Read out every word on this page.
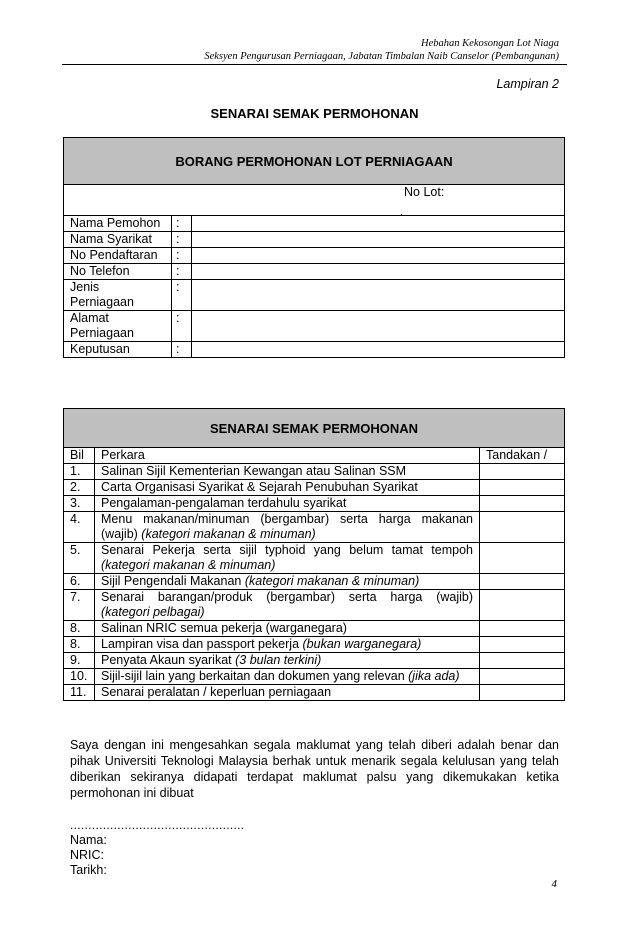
Hebahan Kekosongan Lot Niaga
Seksyen Pengurusan Perniagaan, Jabatan Timbalan Naib Canselor (Pembangunan)
Lampiran 2
SENARAI SEMAK PERMOHONAN
BORANG PERMOHONAN LOT PERNIAGAAN		

No Lot:		

Nama Pemohon	:	
Nama Syarikat	:	
No Pendaftaran	:	
No Telefon	:	
Jenis Perniagaan	:	
Alamat Perniagaan	:	
Keputusan	:	
SENARAI SEMAK PERMOHONAN		
Bil	Perkara	Tandakan /
1.	Salinan Sijil Kementerian Kewangan atau Salinan SSM	
2.	Carta Organisasi Syarikat & Sejarah Penubuhan Syarikat	
3.	Pengalaman-pengalaman terdahulu syarikat	
4.	Menu makanan/minuman (bergambar) serta harga makanan (wajib) (kategori makanan & minuman)	
5.	Senarai Pekerja serta sijil typhoid yang belum tamat tempoh (kategori makanan & minuman)	
6.	Sijil Pengendali Makanan (kategori makanan & minuman)	
7.	Senarai barangan/produk (bergambar) serta harga (wajib) (kategori pelbagai)	
8.	Salinan NRIC semua pekerja (warganegara)	
8.	Lampiran visa dan passport pekerja (bukan warganegara)	
9.	Penyata Akaun syarikat (3 bulan terkini)	
10.	Sijil-sijil lain yang berkaitan dan dokumen yang relevan (jika ada)	
11.	Senarai peralatan / keperluan perniagaan	
Saya dengan ini mengesahkan segala maklumat yang telah diberi adalah benar dan pihak Universiti Teknologi Malaysia berhak untuk menarik segala kelulusan yang telah diberikan sekiranya didapati terdapat maklumat palsu yang dikemukakan ketika permohonan ini dibuat
................................................
Nama:
NRIC:
Tarikh:
4
